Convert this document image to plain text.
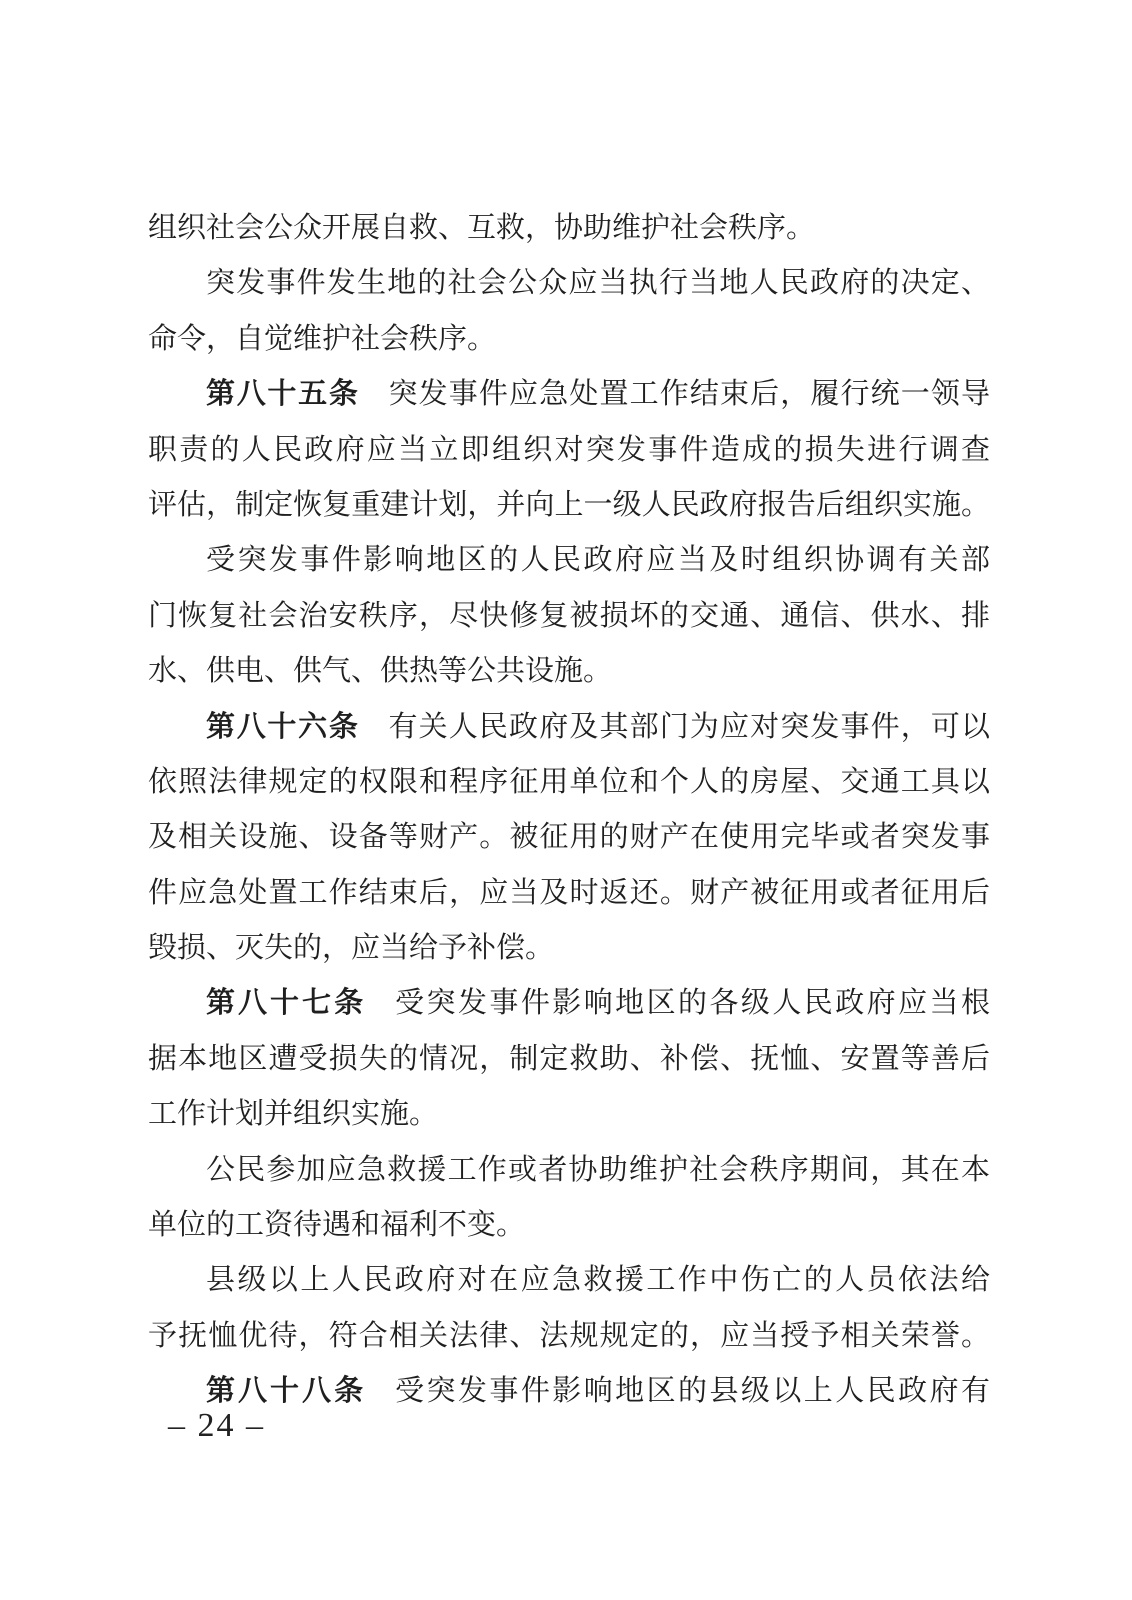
组织社会公众开展自救、互救，协助维护社会秩序。
突发事件发生地的社会公众应当执行当地人民政府的决定、
命令，自觉维护社会秩序。
第八十五条 突发事件应急处置工作结束后，履行统一领导
职责的人民政府应当立即组织对突发事件造成的损失进行调查
评估，制定恢复重建计划，并向上一级人民政府报告后组织实施。
受突发事件影响地区的人民政府应当及时组织协调有关部
门恢复社会治安秩序，尽快修复被损坏的交通、通信、供水、排
水、供电、供气、供热等公共设施。
第八十六条 有关人民政府及其部门为应对突发事件，可以
依照法律规定的权限和程序征用单位和个人的房屋、交通工具以
及相关设施、设备等财产。被征用的财产在使用完毕或者突发事
件应急处置工作结束后，应当及时返还。财产被征用或者征用后
毁损、灭失的，应当给予补偿。
第八十七条 受突发事件影响地区的各级人民政府应当根
据本地区遭受损失的情况，制定救助、补偿、抚恤、安置等善后
工作计划并组织实施。
公民参加应急救援工作或者协助维护社会秩序期间，其在本
单位的工资待遇和福利不变。
县级以上人民政府对在应急救援工作中伤亡的人员依法给
予抚恤优待，符合相关法律、法规规定的，应当授予相关荣誉。
第八十八条 受突发事件影响地区的县级以上人民政府有
– 24 –
